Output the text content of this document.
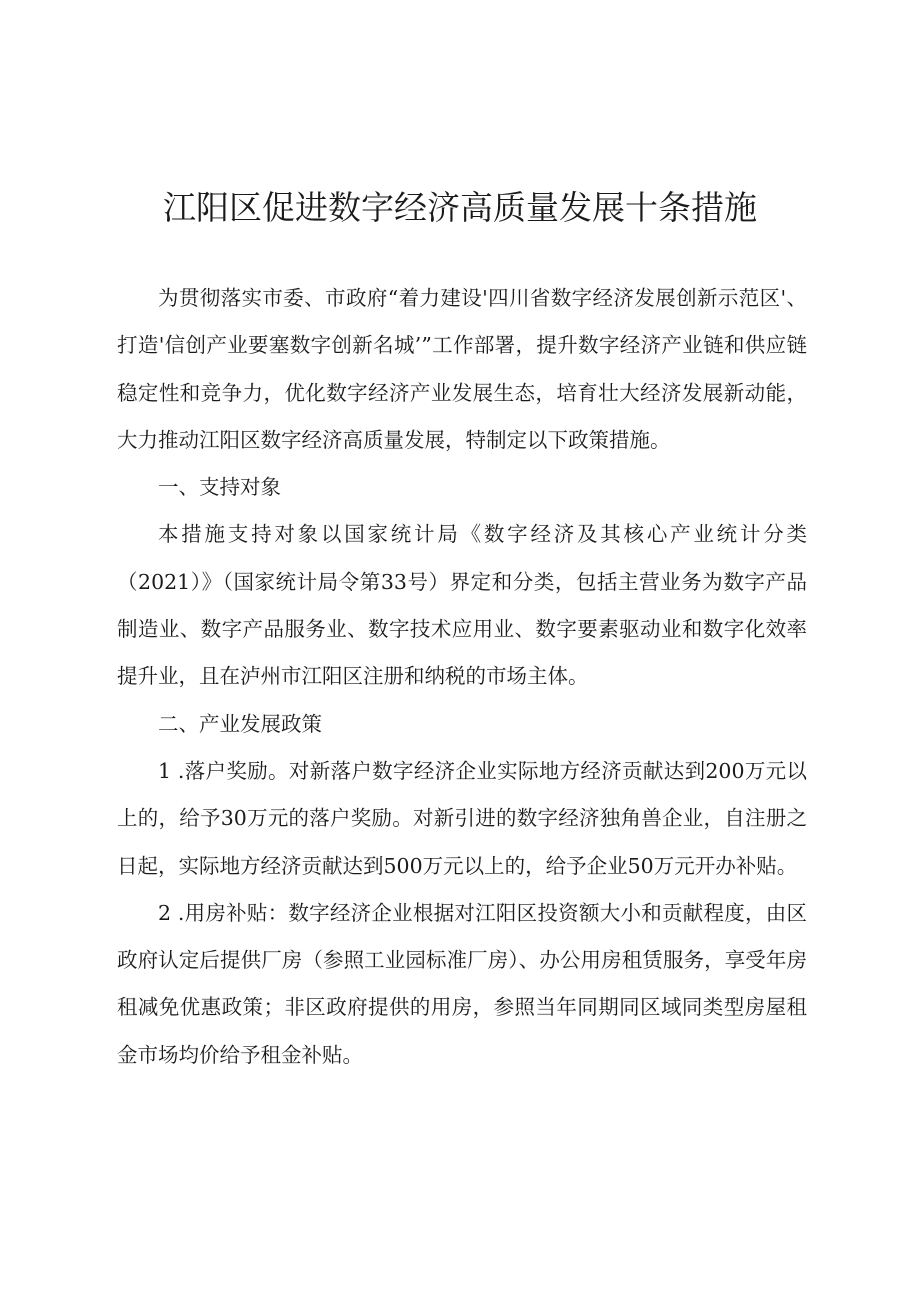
江阳区促进数字经济高质量发展十条措施

为贯彻落实市委、市政府“着力建设'四川省数字经济发展创新示范区'、打造'信创产业要塞数字创新名城’”工作部署，提升数字经济产业链和供应链稳定性和竞争力，优化数字经济产业发展生态，培育壮大经济发展新动能，大力推动江阳区数字经济高质量发展，特制定以下政策措施。

一、支持对象

本措施支持对象以国家统计局《数字经济及其核心产业统计分类（2021）》（国家统计局令第33号）界定和分类，包括主营业务为数字产品制造业、数字产品服务业、数字技术应用业、数字要素驱动业和数字化效率提升业，且在泸州市江阳区注册和纳税的市场主体。

二、产业发展政策

1 .落户奖励。对新落户数字经济企业实际地方经济贡献达到200万元以上的，给予30万元的落户奖励。对新引进的数字经济独角兽企业，自注册之日起，实际地方经济贡献达到500万元以上的，给予企业50万元开办补贴。

2 .用房补贴：数字经济企业根据对江阳区投资额大小和贡献程度，由区政府认定后提供厂房（参照工业园标准厂房）、办公用房租赁服务，享受年房租减免优惠政策；非区政府提供的用房，参照当年同期同区域同类型房屋租金市场均价给予租金补贴。
